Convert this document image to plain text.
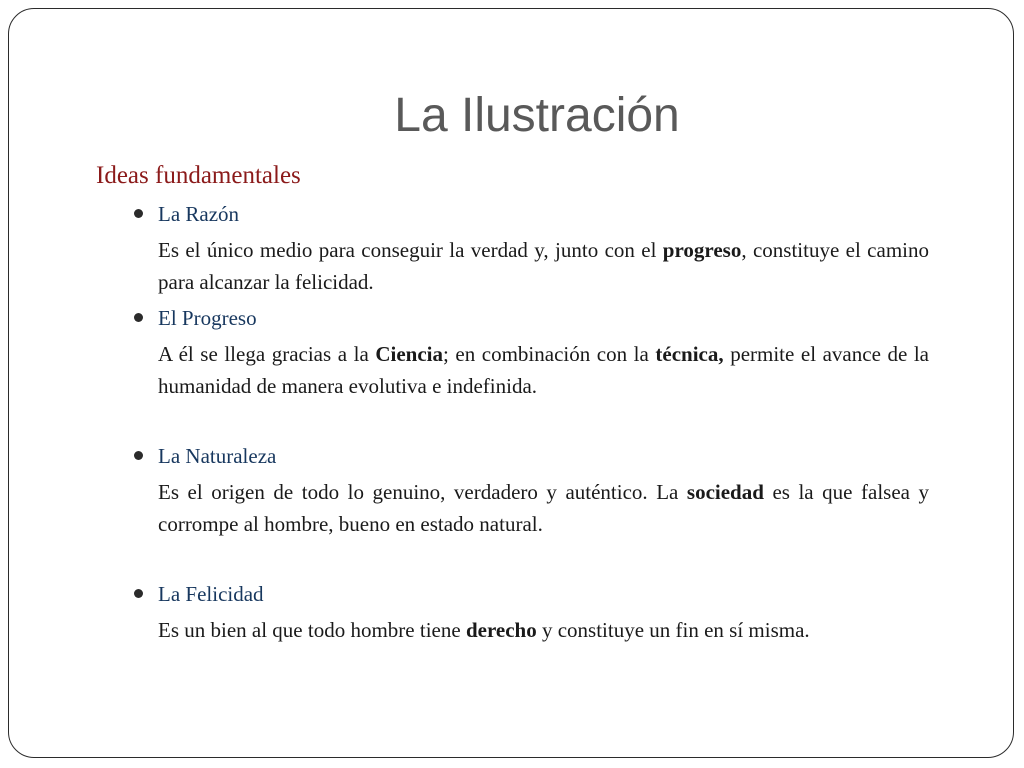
La Ilustración
Ideas fundamentales
La Razón
Es el único medio para conseguir la verdad y, junto con el progreso, constituye el camino para alcanzar la felicidad.
El Progreso
A él se llega gracias a la Ciencia; en combinación con la técnica, permite el avance de la humanidad de manera evolutiva e indefinida.
La Naturaleza
Es el origen de todo lo genuino, verdadero y auténtico. La sociedad es la que falsea y corrompe al hombre, bueno en estado natural.
La Felicidad
Es un bien al que todo hombre tiene derecho y constituye un fin en sí misma.
